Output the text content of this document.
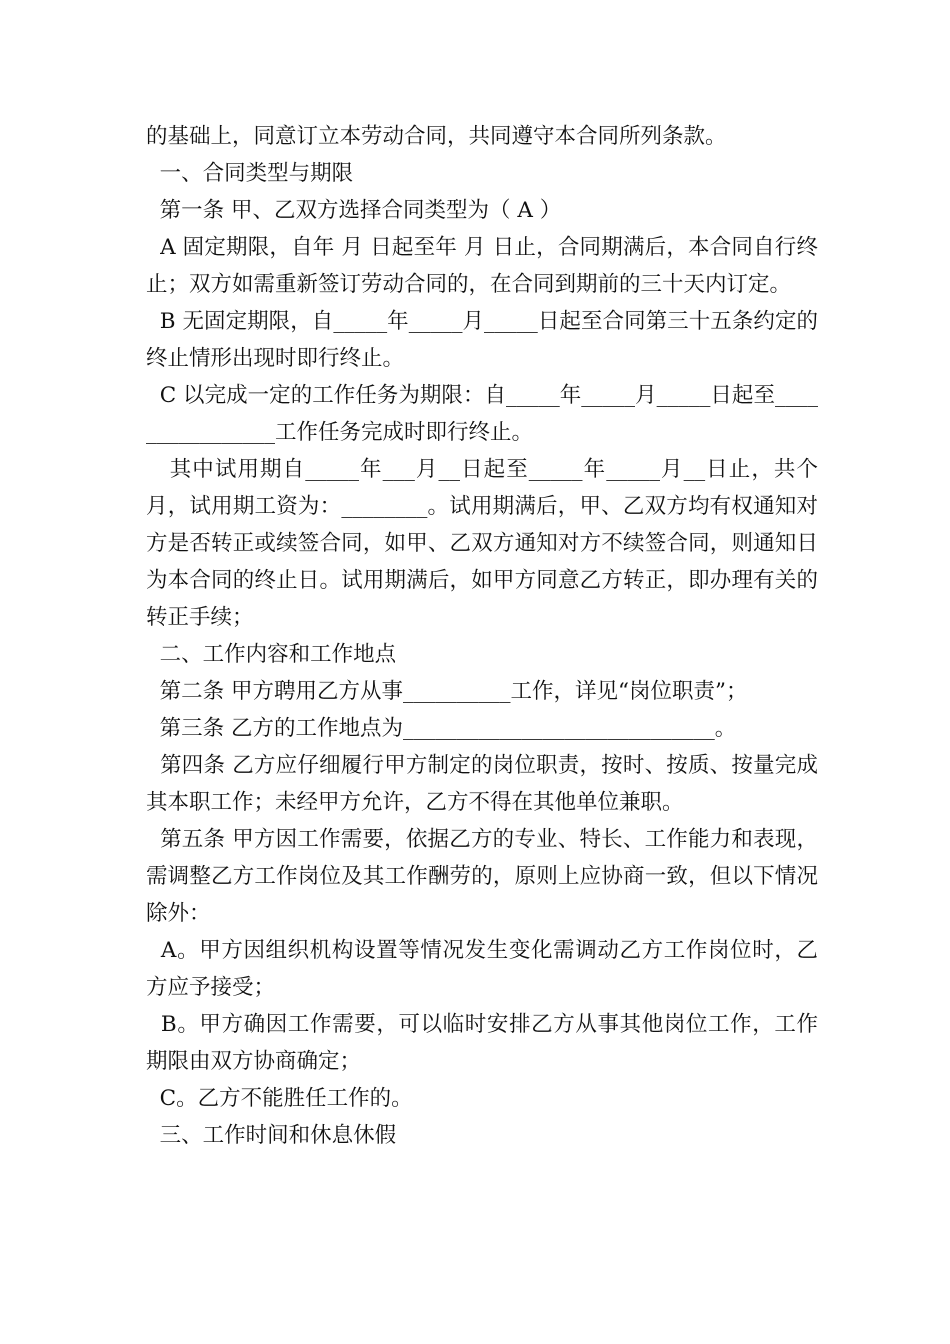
的基础上，同意订立本劳动合同，共同遵守本合同所列条款。

一、合同类型与期限

第一条 甲、乙双方选择合同类型为（ A ）

A 固定期限，自年 月 日起至年 月 日止，合同期满后，本合同自行终止；双方如需重新签订劳动合同的，在合同到期前的三十天内订定。

B 无固定期限，自_____年_____月_____日起至合同第三十五条约定的终止情形出现时即行终止。

C 以完成一定的工作任务为期限：自_____年_____月_____日起至________________工作任务完成时即行终止。

其中试用期自_____年___月__日起至_____年_____月__日止，共个月，试用期工资为：________。试用期满后，甲、乙双方均有权通知对方是否转正或续签合同，如甲、乙双方通知对方不续签合同，则通知日为本合同的终止日。试用期满后，如甲方同意乙方转正，即办理有关的转正手续；

二、工作内容和工作地点

第二条 甲方聘用乙方从事__________工作，详见“岗位职责”；

第三条 乙方的工作地点为_____________________________。

第四条 乙方应仔细履行甲方制定的岗位职责，按时、按质、按量完成其本职工作；未经甲方允许，乙方不得在其他单位兼职。

第五条 甲方因工作需要，依据乙方的专业、特长、工作能力和表现，需调整乙方工作岗位及其工作酬劳的，原则上应协商一致，但以下情况除外：

A。甲方因组织机构设置等情况发生变化需调动乙方工作岗位时，乙方应予接受；

B。甲方确因工作需要，可以临时安排乙方从事其他岗位工作，工作期限由双方协商确定；

C。乙方不能胜任工作的。

三、工作时间和休息休假
